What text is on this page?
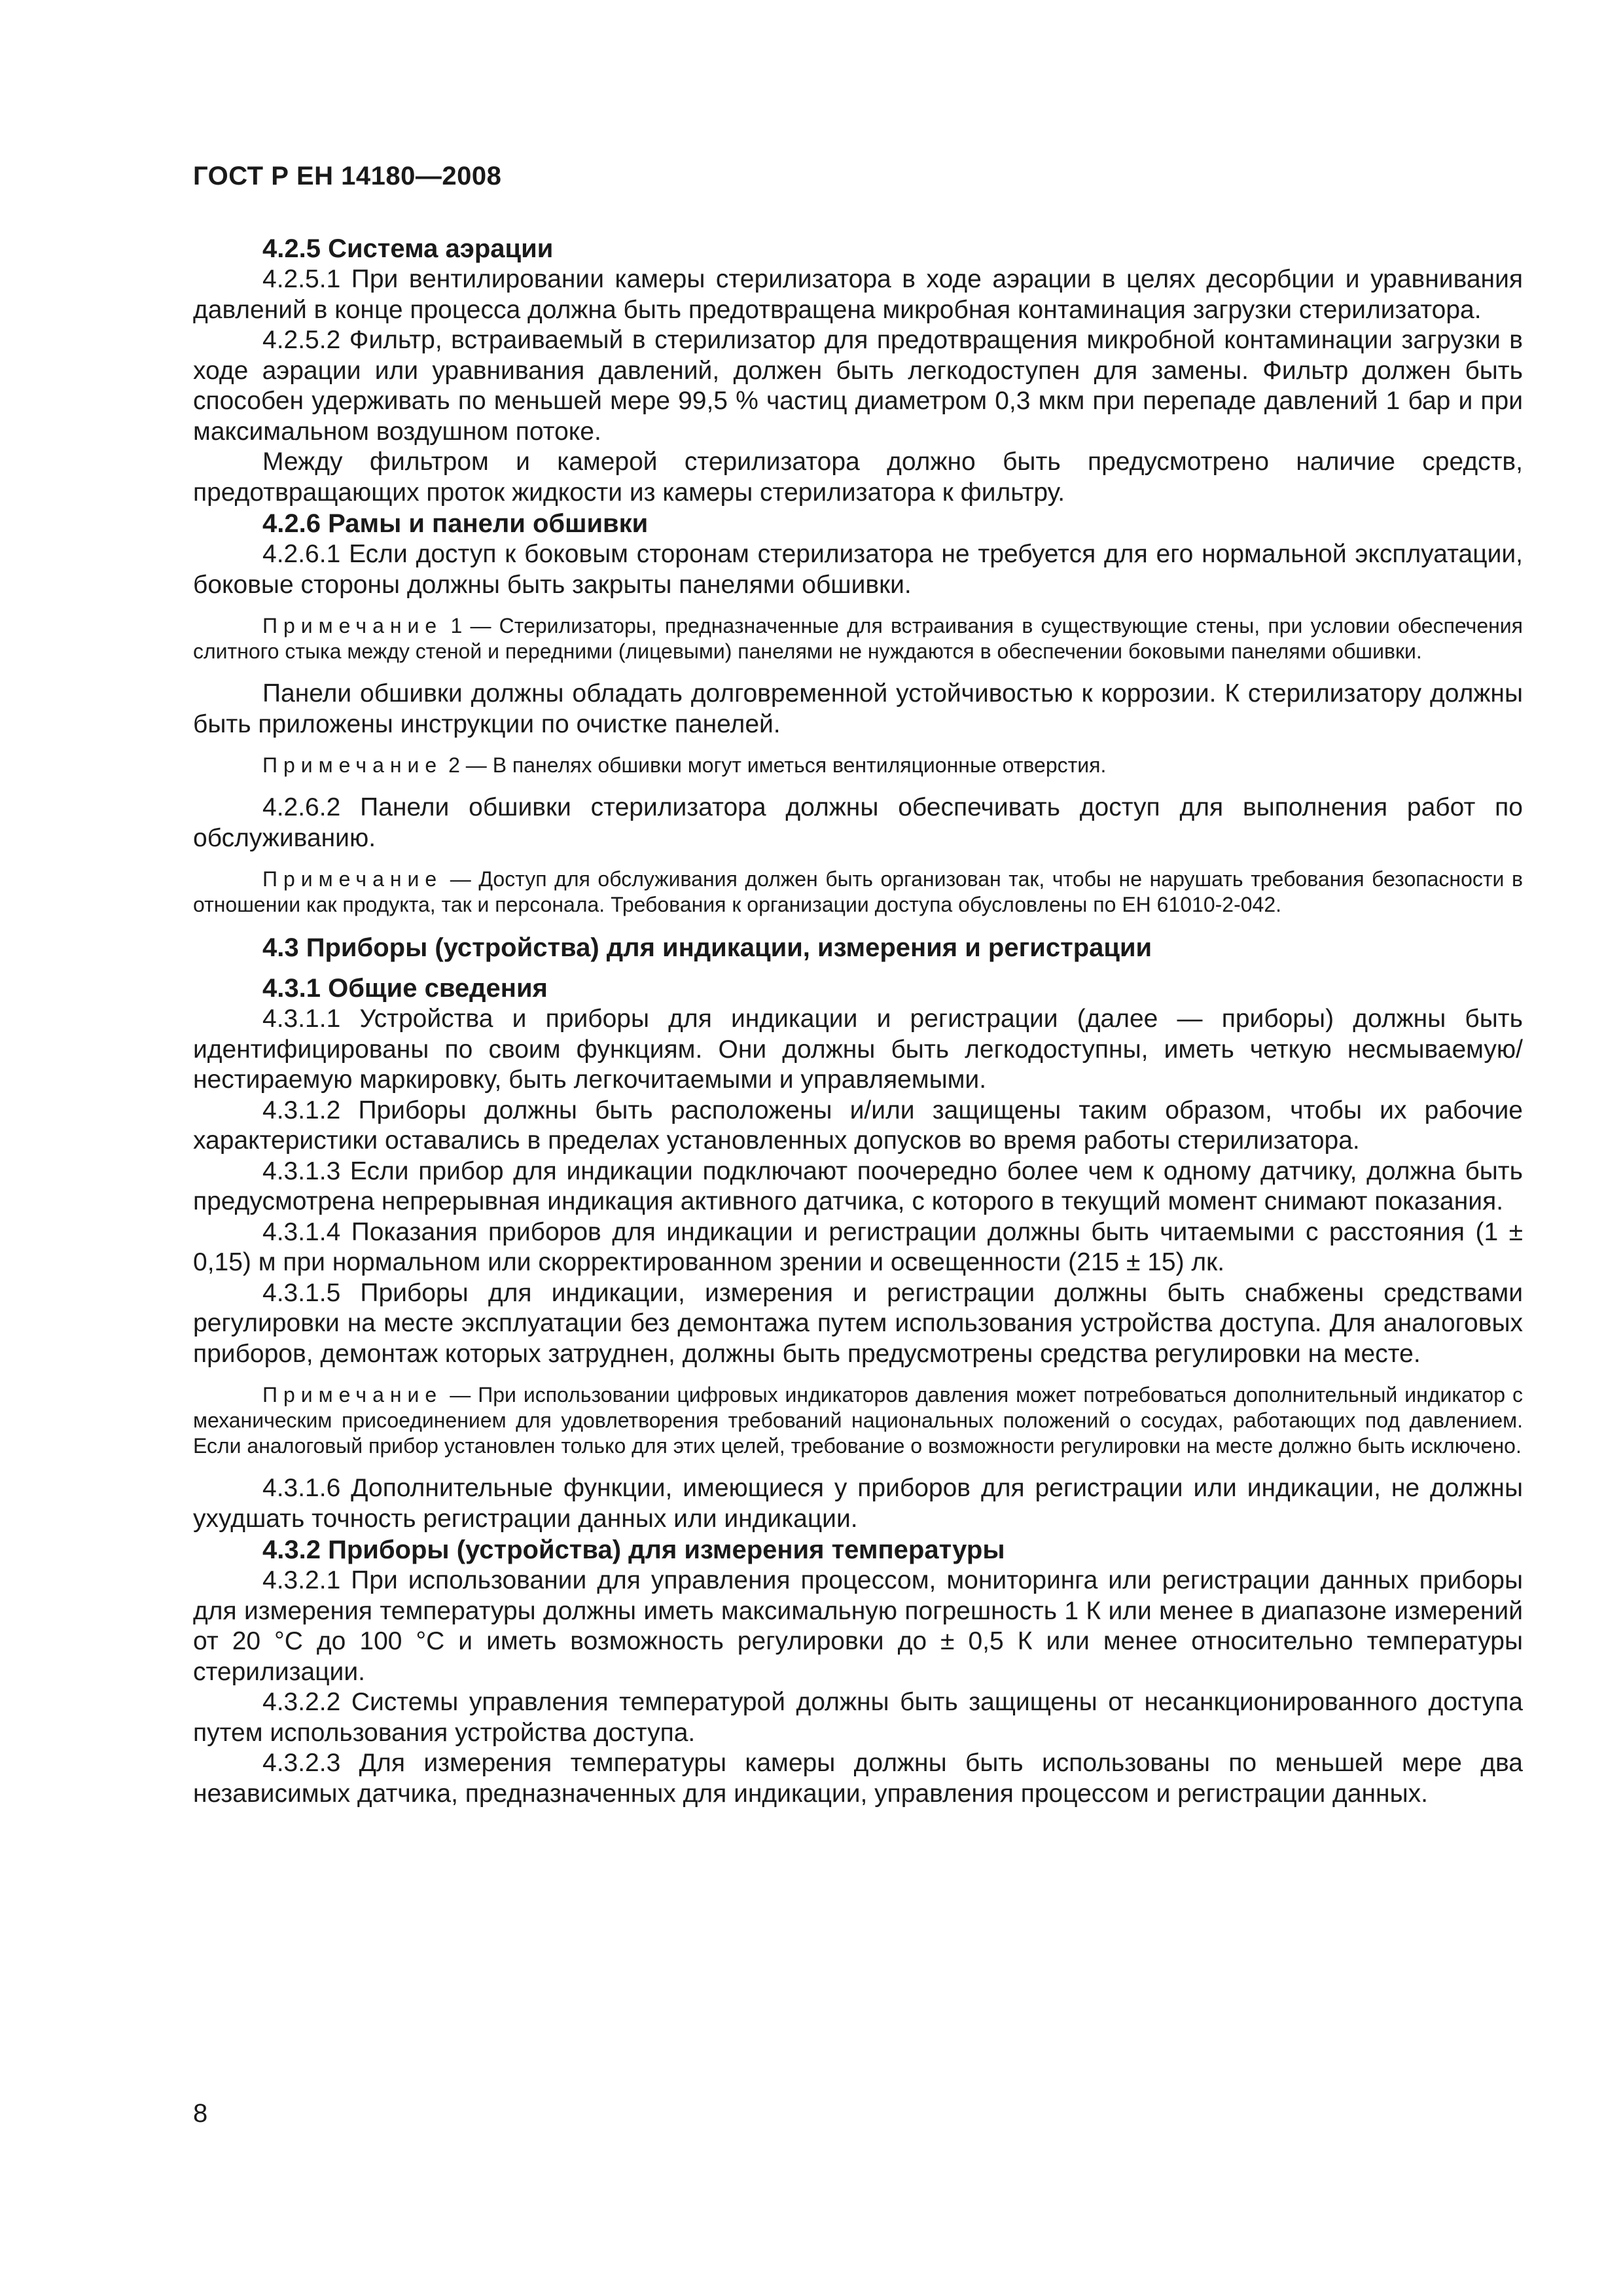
ГОСТ Р ЕН 14180—2008

4.2.5 Система аэрации

4.2.5.1 При вентилировании камеры стерилизатора в ходе аэрации в целях десорбции и уравнивания давлений в конце процесса должна быть предотвращена микробная контаминация загрузки стерилизатора.

4.2.5.2 Фильтр, встраиваемый в стерилизатор для предотвращения микробной контаминации загрузки в ходе аэрации или уравнивания давлений, должен быть легкодоступен для замены. Фильтр должен быть способен удерживать по меньшей мере 99,5 % частиц диаметром 0,3 мкм при перепаде давлений 1 бар и при максимальном воздушном потоке.

Между фильтром и камерой стерилизатора должно быть предусмотрено наличие средств, предотвращающих проток жидкости из камеры стерилизатора к фильтру.

4.2.6 Рамы и панели обшивки

4.2.6.1 Если доступ к боковым сторонам стерилизатора не требуется для его нормальной эксплуатации, боковые стороны должны быть закрыты панелями обшивки.

Примечание 1 — Стерилизаторы, предназначенные для встраивания в существующие стены, при условии обеспечения слитного стыка между стеной и передними (лицевыми) панелями не нуждаются в обеспечении боковыми панелями обшивки.

Панели обшивки должны обладать долговременной устойчивостью к коррозии. К стерилизатору должны быть приложены инструкции по очистке панелей.

Примечание 2 — В панелях обшивки могут иметься вентиляционные отверстия.

4.2.6.2 Панели обшивки стерилизатора должны обеспечивать доступ для выполнения работ по обслуживанию.

Примечание — Доступ для обслуживания должен быть организован так, чтобы не нарушать требования безопасности в отношении как продукта, так и персонала. Требования к организации доступа обусловлены по ЕН 61010-2-042.

4.3 Приборы (устройства) для индикации, измерения и регистрации

4.3.1 Общие сведения

4.3.1.1 Устройства и приборы для индикации и регистрации (далее — приборы) должны быть идентифицированы по своим функциям. Они должны быть легкодоступны, иметь четкую несмываемую/нестираемую маркировку, быть легкочитаемыми и управляемыми.

4.3.1.2 Приборы должны быть расположены и/или защищены таким образом, чтобы их рабочие характеристики оставались в пределах установленных допусков во время работы стерилизатора.

4.3.1.3 Если прибор для индикации подключают поочередно более чем к одному датчику, должна быть предусмотрена непрерывная индикация активного датчика, с которого в текущий момент снимают показания.

4.3.1.4 Показания приборов для индикации и регистрации должны быть читаемыми с расстояния (1 ± 0,15) м при нормальном или скорректированном зрении и освещенности (215 ± 15) лк.

4.3.1.5 Приборы для индикации, измерения и регистрации должны быть снабжены средствами регулировки на месте эксплуатации без демонтажа путем использования устройства доступа. Для аналоговых приборов, демонтаж которых затруднен, должны быть предусмотрены средства регулировки на месте.

Примечание — При использовании цифровых индикаторов давления может потребоваться дополнительный индикатор с механическим присоединением для удовлетворения требований национальных положений о сосудах, работающих под давлением. Если аналоговый прибор установлен только для этих целей, требование о возможности регулировки на месте должно быть исключено.

4.3.1.6 Дополнительные функции, имеющиеся у приборов для регистрации или индикации, не должны ухудшать точность регистрации данных или индикации.

4.3.2 Приборы (устройства) для измерения температуры

4.3.2.1 При использовании для управления процессом, мониторинга или регистрации данных приборы для измерения температуры должны иметь максимальную погрешность 1 К или менее в диапазоне измерений от 20 °С до 100 °С и иметь возможность регулировки до ± 0,5 К или менее относительно температуры стерилизации.

4.3.2.2 Системы управления температурой должны быть защищены от несанкционированного доступа путем использования устройства доступа.

4.3.2.3 Для измерения температуры камеры должны быть использованы по меньшей мере два независимых датчика, предназначенных для индикации, управления процессом и регистрации данных.

8
